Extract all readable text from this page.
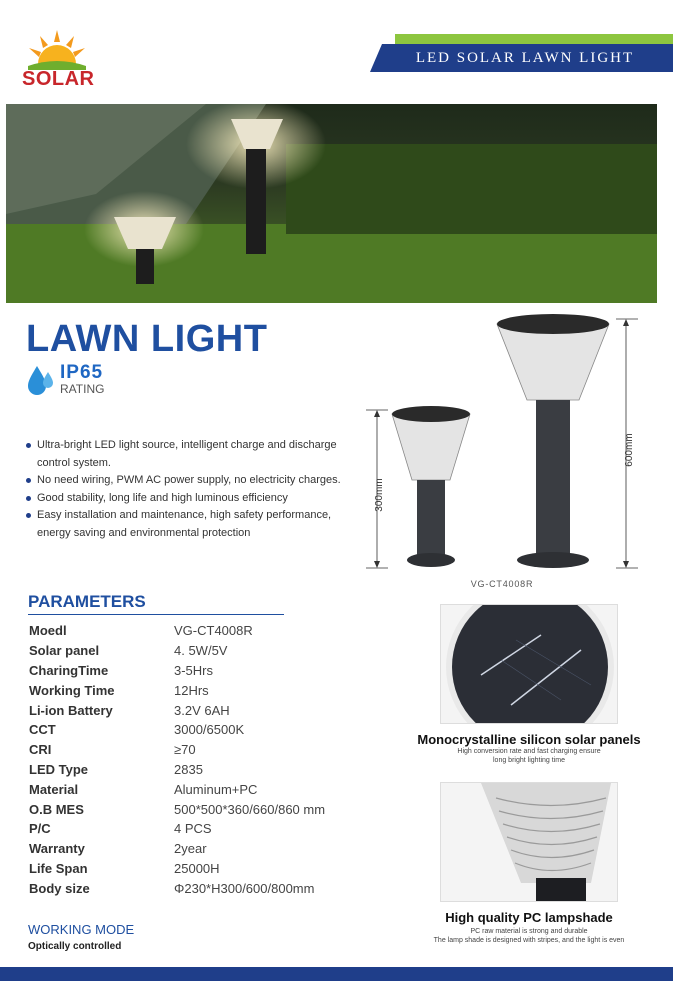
SOLAR
LED SOLAR LAWN LIGHT
LAWN LIGHT
IP65
RATING
Ultra-bright LED light source, intelligent charge and discharge control system.
No need wiring, PWM AC power supply, no electricity charges.
Good stability, long life and high luminous efficiency
Easy installation and maintenance, high safety performance, energy saving and environmental protection
300mm
600mm
VG-CT4008R
PARAMETERS
Moedl	VG-CT4008R
Solar panel	4. 5W/5V
CharingTime	3-5Hrs
Working Time	12Hrs
Li-ion Battery	3.2V 6AH
CCT	3000/6500K
CRI	≥70
LED Type	2835
Material	Aluminum+PC
O.B MES	500*500*360/660/860 mm
P/C	4 PCS
Warranty	2year
Life Span	25000H
Body size	Φ230*H300/600/800mm
WORKING MODE
Optically controlled
Monocrystalline silicon solar panels
High conversion rate and fast charging ensure
long bright lighting time
High quality PC lampshade
PC raw material is strong and durable
The lamp shade is designed with stripes, and the light is even
